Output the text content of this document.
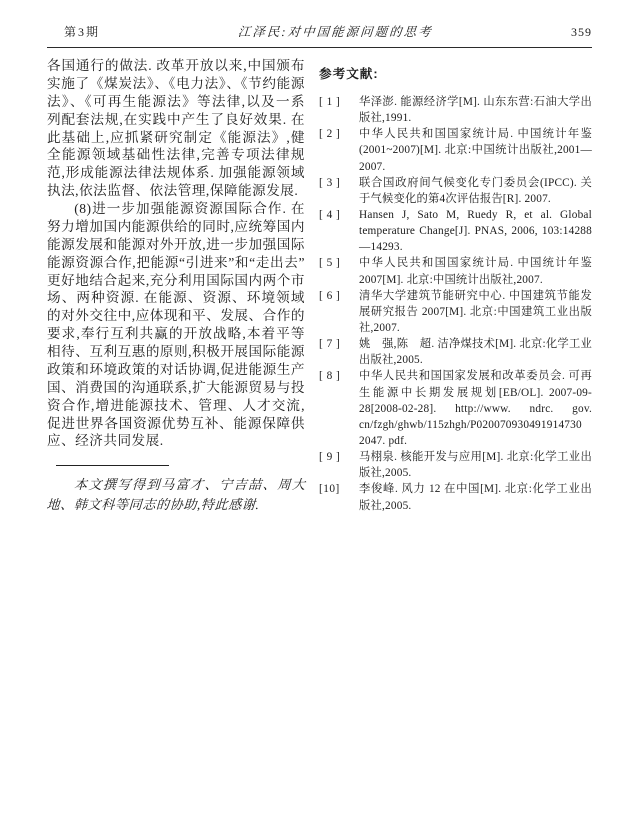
第3期	江泽民:对中国能源问题的思考	359

各国通行的做法. 改革开放以来,中国颁布实施了《煤炭法》、《电力法》、《节约能源法》、《可再生能源法》等法律,以及一系列配套法规,在实践中产生了良好效果. 在此基础上,应抓紧研究制定《能源法》,健全能源领域基础性法律,完善专项法律规范,形成能源法律法规体系. 加强能源领域执法,依法监督、依法管理,保障能源发展.

(8)进一步加强能源资源国际合作. 在努力增加国内能源供给的同时,应统筹国内能源发展和能源对外开放,进一步加强国际能源资源合作,把能源“引进来”和“走出去”更好地结合起来,充分利用国际国内两个市场、两种资源. 在能源、资源、环境领域的对外交往中,应体现和平、发展、合作的要求,奉行互利共赢的开放战略,本着平等相待、互利互惠的原则,积极开展国际能源政策和环境政策的对话协调,促进能源生产国、消费国的沟通联系,扩大能源贸易与投资合作,增进能源技术、管理、人才交流,促进世界各国资源优势互补、能源保障供应、经济共同发展.

本文撰写得到马富才、宁吉喆、周大地、韩文科等同志的协助,特此感谢.

参考文献:
[ 1 ]	华泽澎. 能源经济学[M]. 山东东营:石油大学出版社,1991.
[ 2 ]	中华人民共和国国家统计局. 中国统计年鉴(2001~2007)[M]. 北京:中国统计出版社,2001—2007.
[ 3 ]	联合国政府间气候变化专门委员会(IPCC). 关于气候变化的第4次评估报告[R]. 2007.
[ 4 ]	Hansen J, Sato M, Ruedy R, et al. Global temperature Change[J]. PNAS, 2006, 103:14288—14293.
[ 5 ]	中华人民共和国国家统计局. 中国统计年鉴 2007[M]. 北京:中国统计出版社,2007.
[ 6 ]	清华大学建筑节能研究中心. 中国建筑节能发展研究报告 2007[M]. 北京:中国建筑工业出版社,2007.
[ 7 ]	姚　强,陈　超. 洁净煤技术[M]. 北京:化学工业出版社,2005.
[ 8 ]	中华人民共和国国家发展和改革委员会. 可再生能源中长期发展规划[EB/OL]. 2007-09-28[2008-02-28]. http://www. ndrc. gov. cn/fzgh/ghwb/115zhgh/P020070930491914730 2047. pdf.
[ 9 ]	马栩泉. 核能开发与应用[M]. 北京:化学工业出版社,2005.
[10]	李俊峰. 风力 12 在中国[M]. 北京:化学工业出版社,2005.
